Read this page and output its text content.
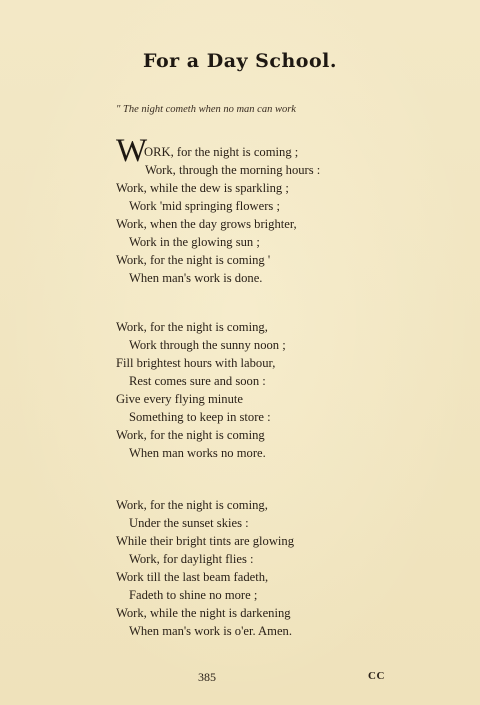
For a Day School.
" The night cometh when no man can work
W
ORK, for the night is coming ;
Work, through the morning hours :
Work, while the dew is sparkling ;
Work 'mid springing flowers ;
Work, when the day grows brighter,
Work in the glowing sun ;
Work, for the night is coming '
When man's work is done.
Work, for the night is coming,
Work through the sunny noon ;
Fill brightest hours with labour,
Rest comes sure and soon :
Give every flying minute
Something to keep in store :
Work, for the night is coming
When man works no more.
Work, for the night is coming,
Under the sunset skies :
While their bright tints are glowing
Work, for daylight flies :
Work till the last beam fadeth,
Fadeth to shine no more ;
Work, while the night is darkening
When man's work is o'er. Amen.
385	CC
